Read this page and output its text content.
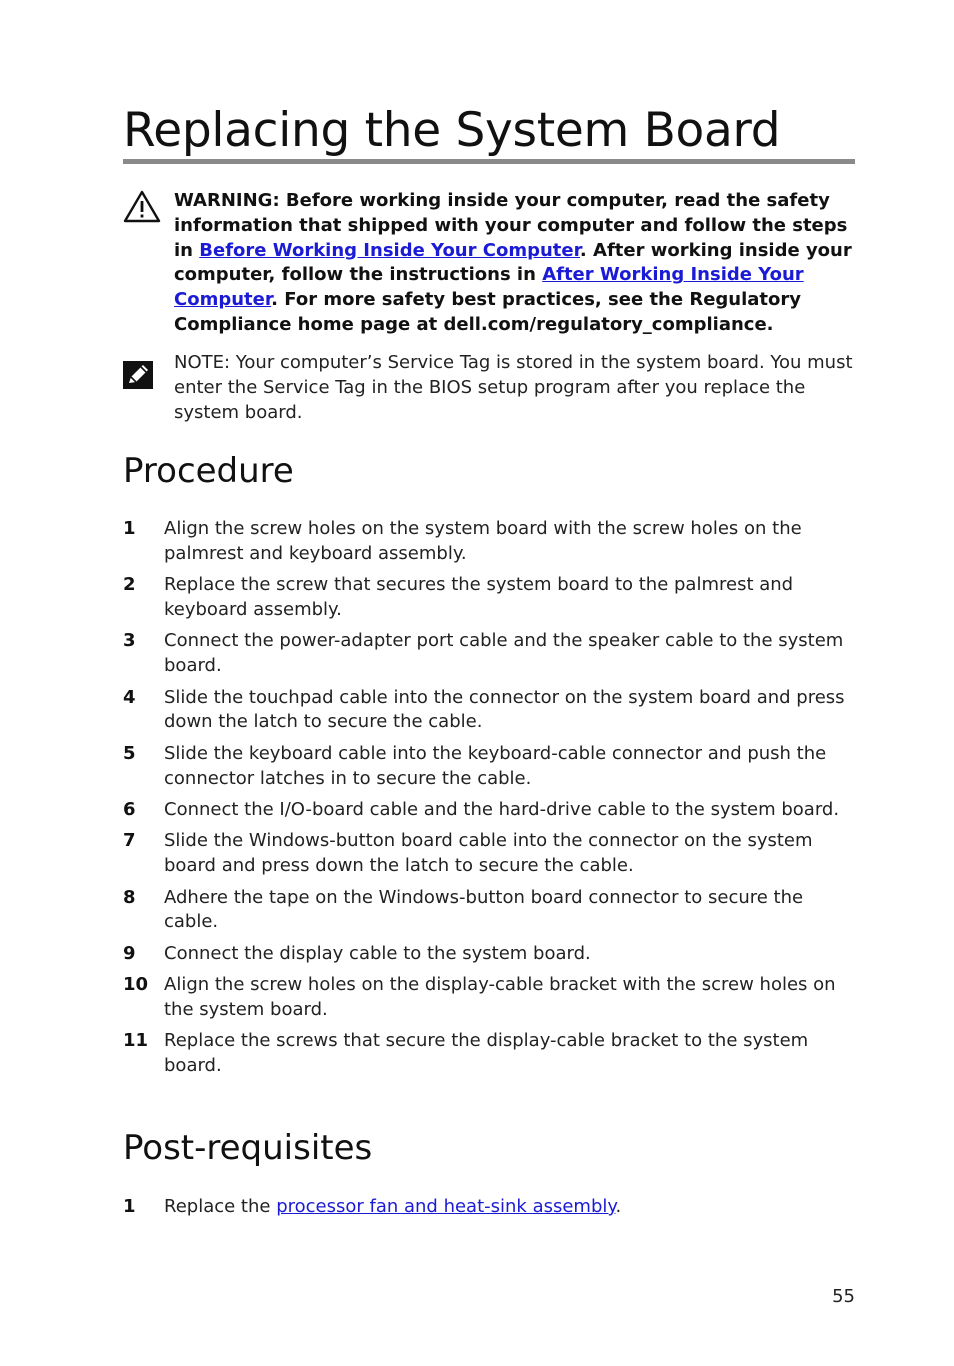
Replacing the System Board
WARNING: Before working inside your computer, read the safety information that shipped with your computer and follow the steps in Before Working Inside Your Computer. After working inside your computer, follow the instructions in After Working Inside Your Computer. For more safety best practices, see the Regulatory Compliance home page at dell.com/regulatory_compliance.
NOTE: Your computer’s Service Tag is stored in the system board. You must enter the Service Tag in the BIOS setup program after you replace the system board.
Procedure
1 Align the screw holes on the system board with the screw holes on the palmrest and keyboard assembly.
2 Replace the screw that secures the system board to the palmrest and keyboard assembly.
3 Connect the power-adapter port cable and the speaker cable to the system board.
4 Slide the touchpad cable into the connector on the system board and press down the latch to secure the cable.
5 Slide the keyboard cable into the keyboard-cable connector and push the connector latches in to secure the cable.
6 Connect the I/O-board cable and the hard-drive cable to the system board.
7 Slide the Windows-button board cable into the connector on the system board and press down the latch to secure the cable.
8 Adhere the tape on the Windows-button board connector to secure the cable.
9 Connect the display cable to the system board.
10 Align the screw holes on the display-cable bracket with the screw holes on the system board.
11 Replace the screws that secure the display-cable bracket to the system board.
Post-requisites
1 Replace the processor fan and heat-sink assembly.
55
